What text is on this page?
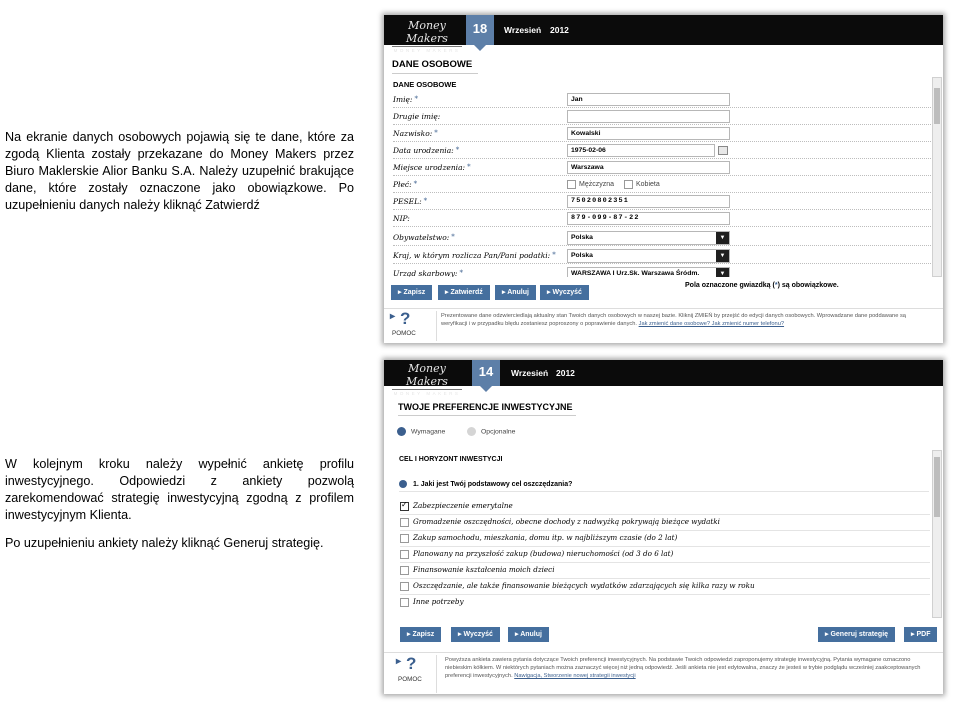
Na ekranie danych osobowych pojawią się te dane, które za zgodą Klienta zostały przekazane do Money Makers przez Biuro Maklerskie Alior Banku S.A. Należy uzupełnić brakujące dane, które zostały oznaczone jako obowiązkowe. Po uzupełnieniu danych należy kliknąć Zatwierdź
W kolejnym kroku należy wypełnić ankietę profilu inwestycyjnego. Odpowiedzi z ankiety pozwolą zarekomendować strategię inwestycyjną zgodną z profilem inwestycyjnym Klienta.
Po uzupełnieniu ankiety należy kliknąć Generuj strategię.
Money Makers
MONEY MAKERS
18	Wrzesień 2012
DANE OSOBOWE
DANE OSOBOWE
Imię: *	Jan
Drugie imię:
Nazwisko: *	Kowalski
Data urodzenia: *	1975-02-06
Miejsce urodzenia: *	Warszawa
Płeć: *	Mężczyzna	Kobieta
PESEL: *	75020802351
NIP:	879-099-87-22
Obywatelstwo: *	Polska	▼
Kraj, w którym rozlicza Pan/Pani podatki: *	Polska	▼
Urząd skarbowy: *	WARSZAWA I Urz.Sk. Warszawa Śródm.	▼
▸ Zapisz	▸ Zatwierdź	▸ Anuluj	▸ Wyczyść
Pola oznaczone gwiazdką (*) są obowiązkowe.
▸ ?
POMOC
Prezentowane dane odzwierciedlają aktualny stan Twoich danych osobowych w naszej bazie. Kliknij ZMIEŃ by przejść do edycji danych osobowych. Wprowadzane dane poddawane są weryfikacji i w przypadku błędu zostaniesz poproszony o poprawienie danych. Jak zmienić dane osobowe? Jak zmienić numer telefonu?
Money Makers
MONEY MAKERS
14	Wrzesień 2012
TWOJE PREFERENCJE INWESTYCYJNE
Wymagane	Opcjonalne
CEL I HORYZONT INWESTYCJI
1. Jaki jest Twój podstawowy cel oszczędzania?
✓ Zabezpieczenie emerytalne
Gromadzenie oszczędności, obecne dochody z nadwyżką pokrywają bieżące wydatki
Zakup samochodu, mieszkania, domu itp. w najbliższym czasie (do 2 lat)
Planowany na przyszłość zakup (budowa) nieruchomości (od 3 do 6 lat)
Finansowanie kształcenia moich dzieci
Oszczędzanie, ale także finansowanie bieżących wydatków zdarzających się kilka razy w roku
Inne potrzeby
▸ Zapisz	▸ Wyczyść	▸ Anuluj	▸ Generuj strategię	▸ PDF
▸ ?
POMOC
Powyższa ankieta zawiera pytania dotyczące Twoich preferencji inwestycyjnych. Na podstawie Twoich odpowiedzi zaproponujemy strategię inwestycyjną. Pytania wymagane oznaczono niebieskim kółkiem. W niektórych pytaniach można zaznaczyć więcej niż jedną odpowiedź. Jeśli ankieta nie jest edytowalna, znaczy że jesteś w trybie podglądu wcześniej zaakceptowanych preferencji inwestycyjnych. Nawigacja, Stworzenie nowej strategii inwestycji
